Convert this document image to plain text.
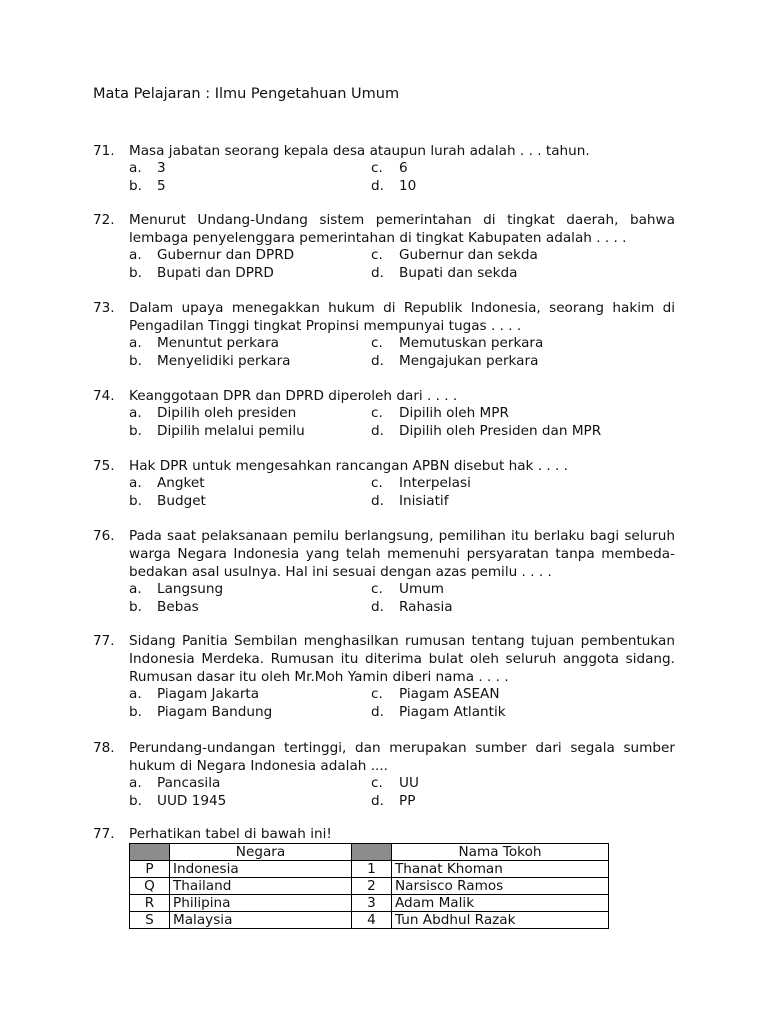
Mata Pelajaran : Ilmu Pengetahuan Umum
71.	Masa jabatan seorang kepala desa ataupun lurah adalah . . . tahun.
a.	3	c.	6
b.	5	d.	10
72.	Menurut Undang-Undang sistem pemerintahan di tingkat daerah, bahwa lembaga penyelenggara pemerintahan di tingkat Kabupaten adalah . . . .
a.	Gubernur dan DPRD	c.	Gubernur dan sekda
b.	Bupati dan DPRD	d.	Bupati dan sekda
73.	Dalam upaya menegakkan hukum di Republik Indonesia, seorang hakim di Pengadilan Tinggi tingkat Propinsi mempunyai tugas . . . .
a.	Menuntut perkara	c.	Memutuskan perkara
b.	Menyelidiki perkara	d.	Mengajukan perkara
74.	Keanggotaan DPR dan DPRD diperoleh dari . . . .
a.	Dipilih oleh presiden	c.	Dipilih oleh MPR
b.	Dipilih melalui pemilu	d.	Dipilih oleh Presiden dan MPR
75.	Hak DPR untuk mengesahkan rancangan APBN disebut hak . . . .
a.	Angket	c.	Interpelasi
b.	Budget	d.	Inisiatif
76.	Pada saat pelaksanaan pemilu berlangsung, pemilihan itu berlaku bagi seluruh warga Negara Indonesia yang telah memenuhi persyaratan tanpa membeda-bedakan asal usulnya. Hal ini sesuai dengan azas pemilu . . . .
a.	Langsung	c.	Umum
b.	Bebas	d.	Rahasia
77.	Sidang Panitia Sembilan menghasilkan rumusan tentang tujuan pembentukan Indonesia Merdeka. Rumusan itu diterima bulat oleh seluruh anggota sidang. Rumusan dasar itu oleh Mr.Moh Yamin diberi nama . . . .
a.	Piagam Jakarta	c.	Piagam ASEAN
b.	Piagam Bandung	d.	Piagam Atlantik
78.	Perundang-undangan tertinggi, dan merupakan sumber dari segala sumber hukum di Negara Indonesia adalah ....
a.	Pancasila	c.	UU
b.	UUD 1945	d.	PP
77.	Perhatikan tabel di bawah ini!
	Negara		Nama Tokoh
P	Indonesia	1	Thanat Khoman
Q	Thailand	2	Narsisco Ramos
R	Philipina	3	Adam Malik
S	Malaysia	4	Tun Abdhul Razak
